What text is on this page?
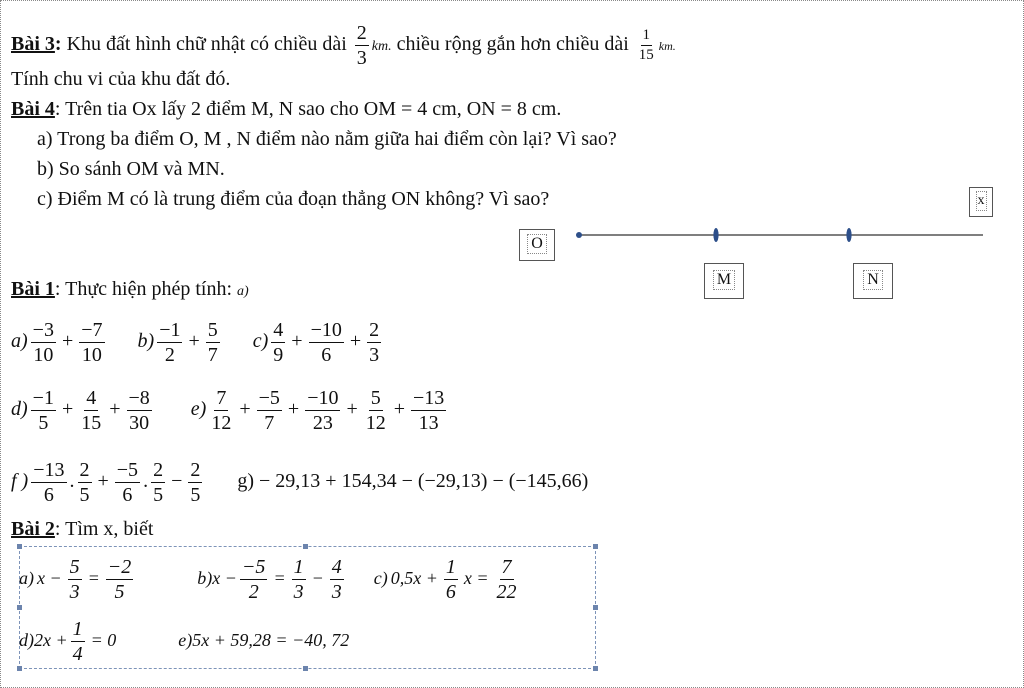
Bài 3: Khu đất hình chữ nhật có chiều dài $\frac{2}{3}$ km. chiều rộng gắn hơn chiều dài $\frac{1}{15}$ km.
Tính chu vi của khu đất đó.
Bài 4: Trên tia Ox lấy 2 điểm M, N sao cho OM = 4 cm, ON = 8 cm.
a) Trong ba điểm O, M , N điểm nào nằm giữa hai điểm còn lại? Vì sao?
b) So sánh OM và MN.
c) Điểm M có là trung điểm của đoạn thẳng ON không? Vì sao?
O
M	N
x
Bài 1: Thực hiện phép tính: a)
$a) \frac{-3}{10} + \frac{-7}{10} b) \frac{-1}{2} + \frac{5}{7} c) \frac{4}{9} + \frac{-10}{6} + \frac{2}{3}$
$d) \frac{-1}{5} + \frac{4}{15} + \frac{-8}{30} e) \frac{7}{12} + \frac{-5}{7} + \frac{-10}{23} + \frac{5}{12} + \frac{-13}{13}$
f ) $\frac{-13}{6}$ . $\frac{2}{5} + \frac{-5}{6}$ . $\frac{2}{5} - \frac{2}{5} g) - 29,13 + 154,34 - (-29,13) - (-145,66)$
Bài 2: Tìm x, biết
a) $x - \frac{5}{3} = \frac{-2}{5}$	$b)x - \frac{-5}{2} = \frac{1}{3} - \frac{4}{3} c$) $0,5x + \frac{1}{6}$ $x = \frac{7}{22}$
$d)2x + \frac{1}{4} = 0$	e)5x + 59,28 = −40, 72
